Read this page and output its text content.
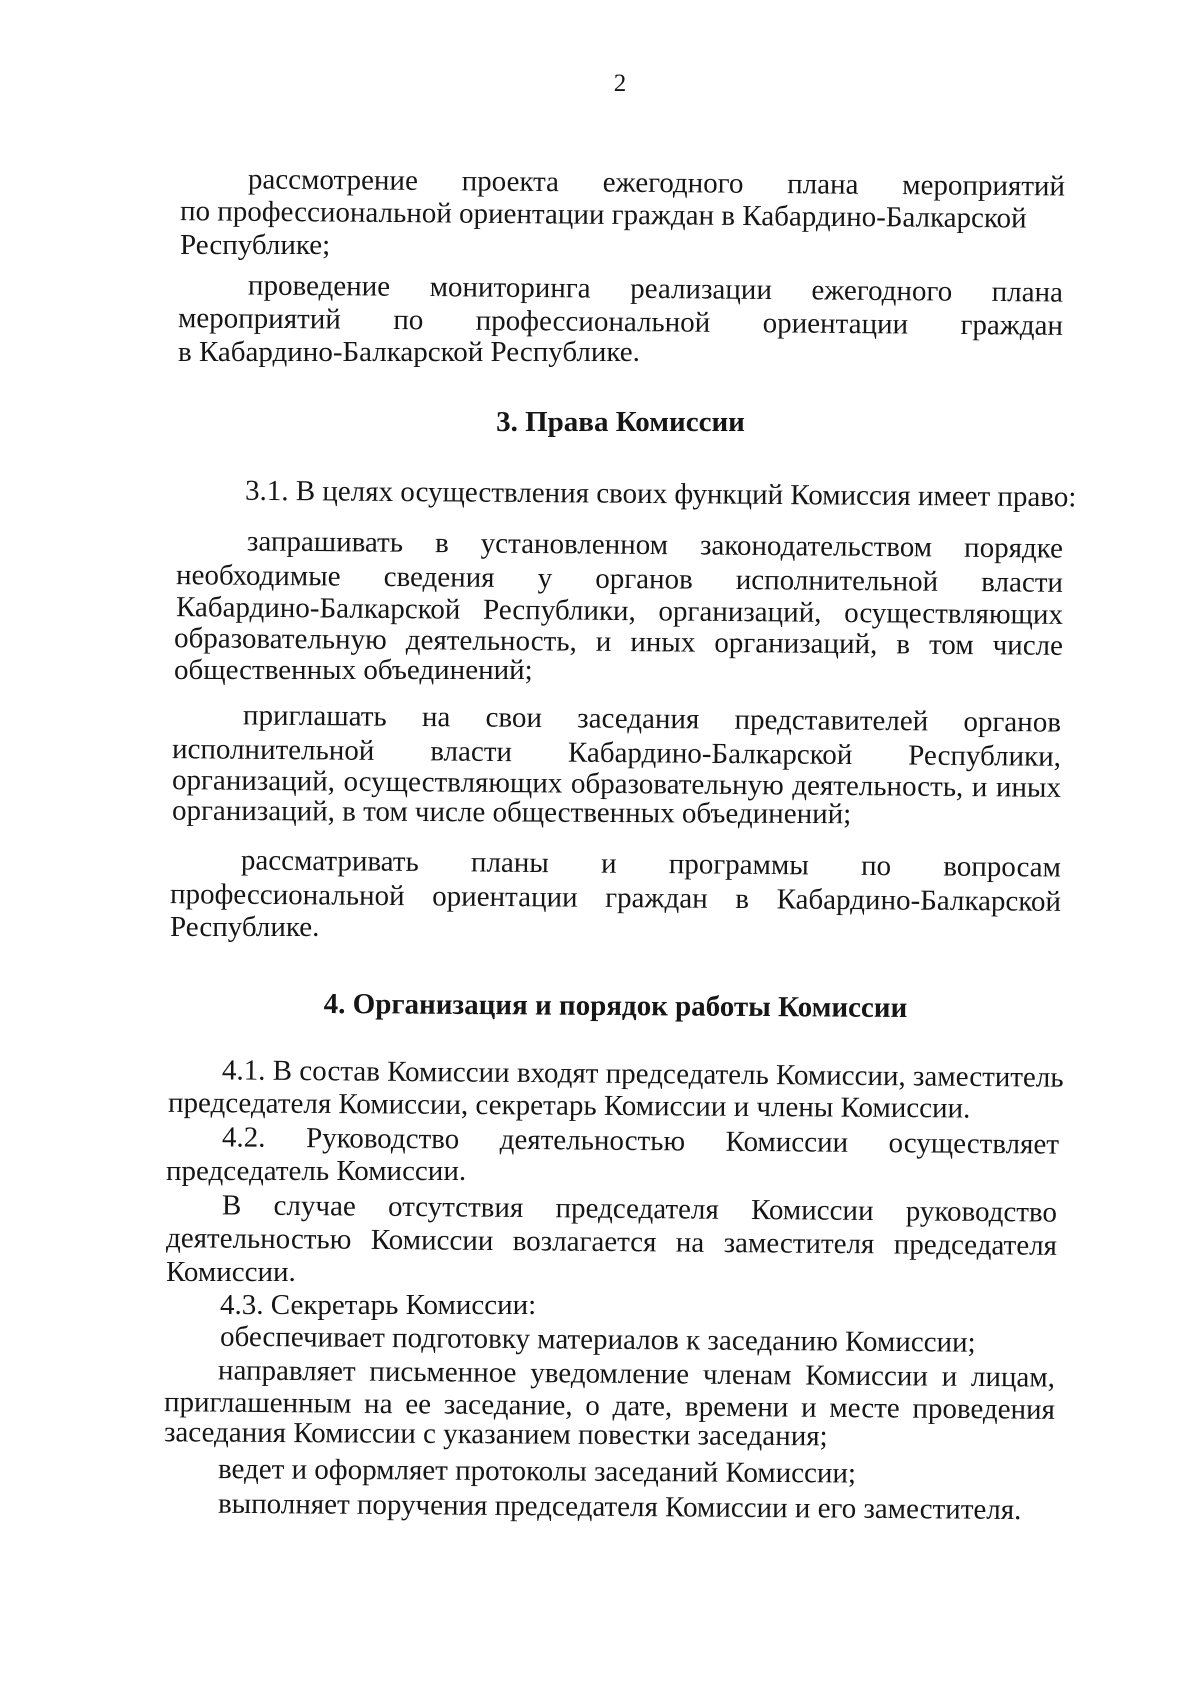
2
рассмотрение проекта ежегодного плана мероприятий
по профессиональной ориентации граждан в Кабардино-Балкарской
Республике;
проведение мониторинга реализации ежегодного плана
мероприятий по профессиональной ориентации граждан
в Кабардино-Балкарской Республике.
3. Права Комиссии
3.1. В целях осуществления своих функций Комиссия имеет право:
запрашивать в установленном законодательством порядке
необходимые сведения у органов исполнительной власти
Кабардино-Балкарской Республики, организаций, осуществляющих
образовательную деятельность, и иных организаций, в том числе
общественных объединений;
приглашать на свои заседания представителей органов
исполнительной власти Кабардино-Балкарской Республики,
организаций, осуществляющих образовательную деятельность, и иных
организаций, в том числе общественных объединений;
рассматривать планы и программы по вопросам
профессиональной ориентации граждан в Кабардино-Балкарской
Республике.
4. Организация и порядок работы Комиссии
4.1. В состав Комиссии входят председатель Комиссии, заместитель
председателя Комиссии, секретарь Комиссии и члены Комиссии.
4.2. Руководство деятельностью Комиссии осуществляет
председатель Комиссии.
В случае отсутствия председателя Комиссии руководство
деятельностью Комиссии возлагается на заместителя председателя
Комиссии.
4.3. Секретарь Комиссии:
обеспечивает подготовку материалов к заседанию Комиссии;
направляет письменное уведомление членам Комиссии и лицам,
приглашенным на ее заседание, о дате, времени и месте проведения
заседания Комиссии с указанием повестки заседания;
ведет и оформляет протоколы заседаний Комиссии;
выполняет поручения председателя Комиссии и его заместителя.
